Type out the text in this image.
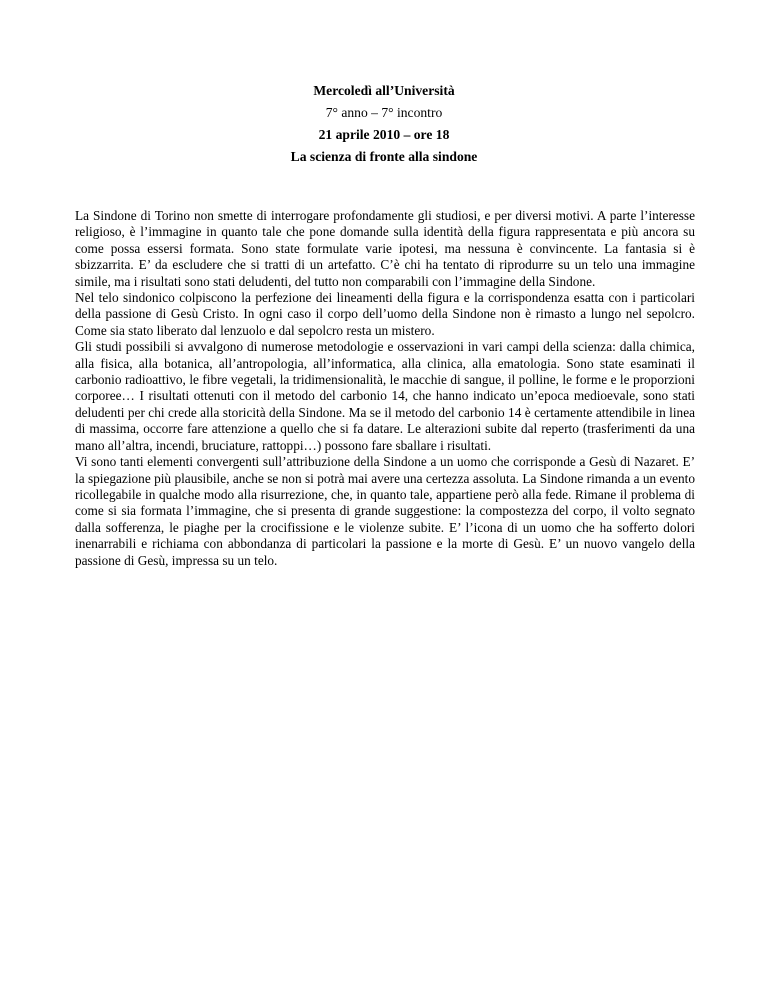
Mercoledì all’Università
7° anno – 7° incontro
21 aprile 2010 – ore 18
La scienza di fronte alla sindone

La Sindone di Torino non smette di interrogare profondamente gli studiosi, e per diversi motivi. A parte l’interesse religioso, è l’immagine in quanto tale che pone domande sulla identità della figura rappresentata e più ancora su come possa essersi formata. Sono state formulate varie ipotesi, ma nessuna è convincente. La fantasia si è sbizzarrita. E’ da escludere che si tratti di un artefatto. C’è chi ha tentato di riprodurre su un telo una immagine simile, ma i risultati sono stati deludenti, del tutto non comparabili con l’immagine della Sindone.

Nel telo sindonico colpiscono la perfezione dei lineamenti della figura e la corrispondenza esatta con i particolari della passione di Gesù Cristo. In ogni caso il corpo dell’uomo della Sindone non è rimasto a lungo nel sepolcro. Come sia stato liberato dal lenzuolo e dal sepolcro resta un mistero.

Gli studi possibili si avvalgono di numerose metodologie e osservazioni in vari campi della scienza: dalla chimica, alla fisica, alla botanica, all’antropologia, all’informatica, alla clinica, alla ematologia. Sono state esaminati il carbonio radioattivo, le fibre vegetali, la tridimensionalità, le macchie di sangue, il polline, le forme e le proporzioni corporee… I risultati ottenuti con il metodo del carbonio 14, che hanno indicato un’epoca medioevale, sono stati deludenti per chi crede alla storicità della Sindone. Ma se il metodo del carbonio 14 è certamente attendibile in linea di massima, occorre fare attenzione a quello che si fa datare. Le alterazioni subite dal reperto (trasferimenti da una mano all’altra, incendi, bruciature, rattoppi…) possono fare sballare i risultati.

Vi sono tanti elementi convergenti sull’attribuzione della Sindone a un uomo che corrisponde a Gesù di Nazaret. E’ la spiegazione più plausibile, anche se non si potrà mai avere una certezza assoluta. La Sindone rimanda a un evento ricollegabile in qualche modo alla risurrezione, che, in quanto tale, appartiene però alla fede. Rimane il problema di come si sia formata l’immagine, che si presenta di grande suggestione: la compostezza del corpo, il volto segnato dalla sofferenza, le piaghe per la crocifissione e le violenze subite. E’ l’icona di un uomo che ha sofferto dolori inenarrabili e richiama con abbondanza di particolari la passione e la morte di Gesù. E’ un nuovo vangelo della passione di Gesù, impressa su un telo.
